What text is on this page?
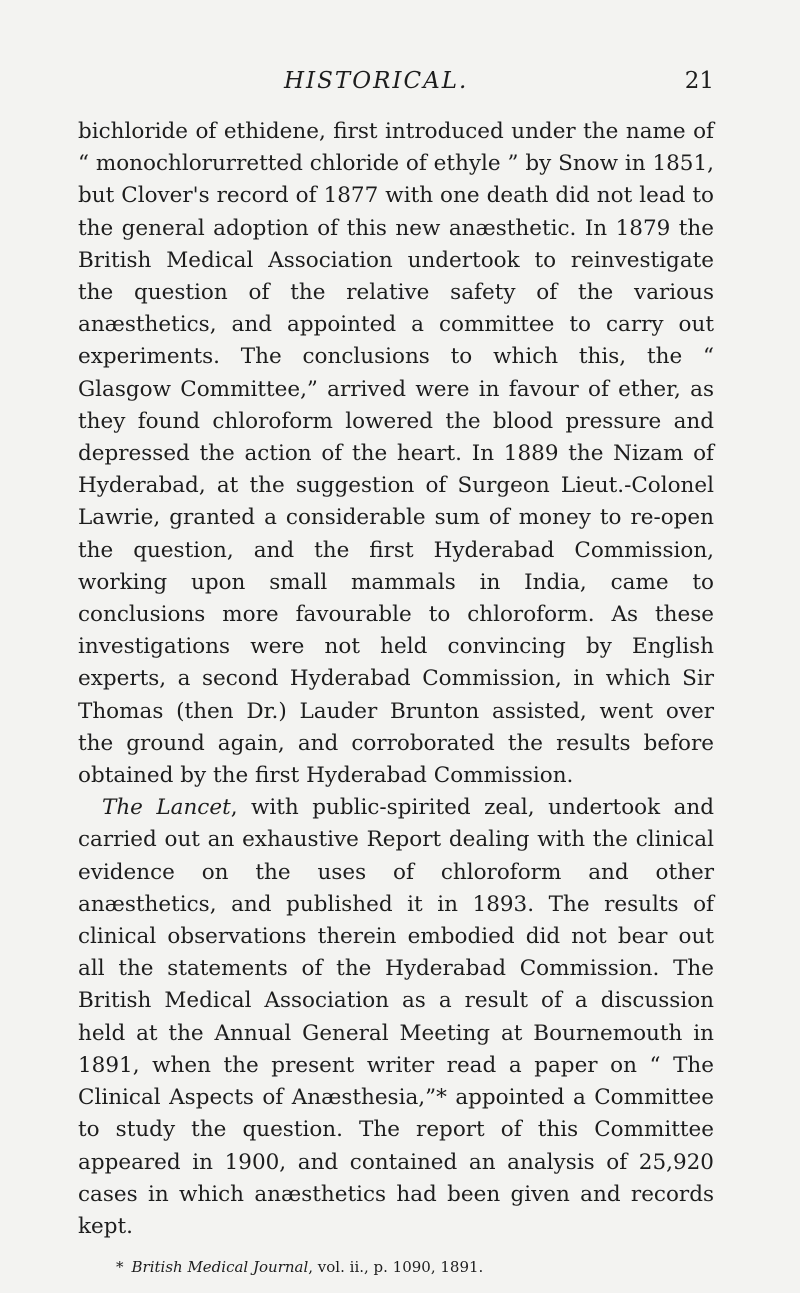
HISTORICAL.	21

bichloride of ethidene, first introduced under the name of “ monochlorurretted chloride of ethyle ” by Snow in 1851, but Clover's record of 1877 with one death did not lead to the general adoption of this new anæsthetic. In 1879 the British Medical Association undertook to reinvestigate the question of the relative safety of the various anæsthetics, and appointed a committee to carry out experiments. The conclusions to which this, the “ Glasgow Committee,” arrived were in favour of ether, as they found chloroform lowered the blood pressure and depressed the action of the heart. In 1889 the Nizam of Hyderabad, at the suggestion of Surgeon Lieut.-Colonel Lawrie, granted a considerable sum of money to re-open the question, and the first Hyderabad Commission, working upon small mammals in India, came to conclusions more favourable to chloroform. As these investigations were not held convincing by English experts, a second Hyderabad Commission, in which Sir Thomas (then Dr.) Lauder Brunton assisted, went over the ground again, and corroborated the results before obtained by the first Hyderabad Commission.

The Lancet, with public-spirited zeal, undertook and carried out an exhaustive Report dealing with the clinical evidence on the uses of chloroform and other anæsthetics, and published it in 1893. The results of clinical observations therein embodied did not bear out all the statements of the Hyderabad Commission. The British Medical Association as a result of a discussion held at the Annual General Meeting at Bournemouth in 1891, when the present writer read a paper on “ The Clinical Aspects of Anæsthesia,”* appointed a Committee to study the question. The report of this Committee appeared in 1900, and contained an analysis of 25,920 cases in which anæsthetics had been given and records kept.

* British Medical Journal, vol. ii., p. 1090, 1891.
